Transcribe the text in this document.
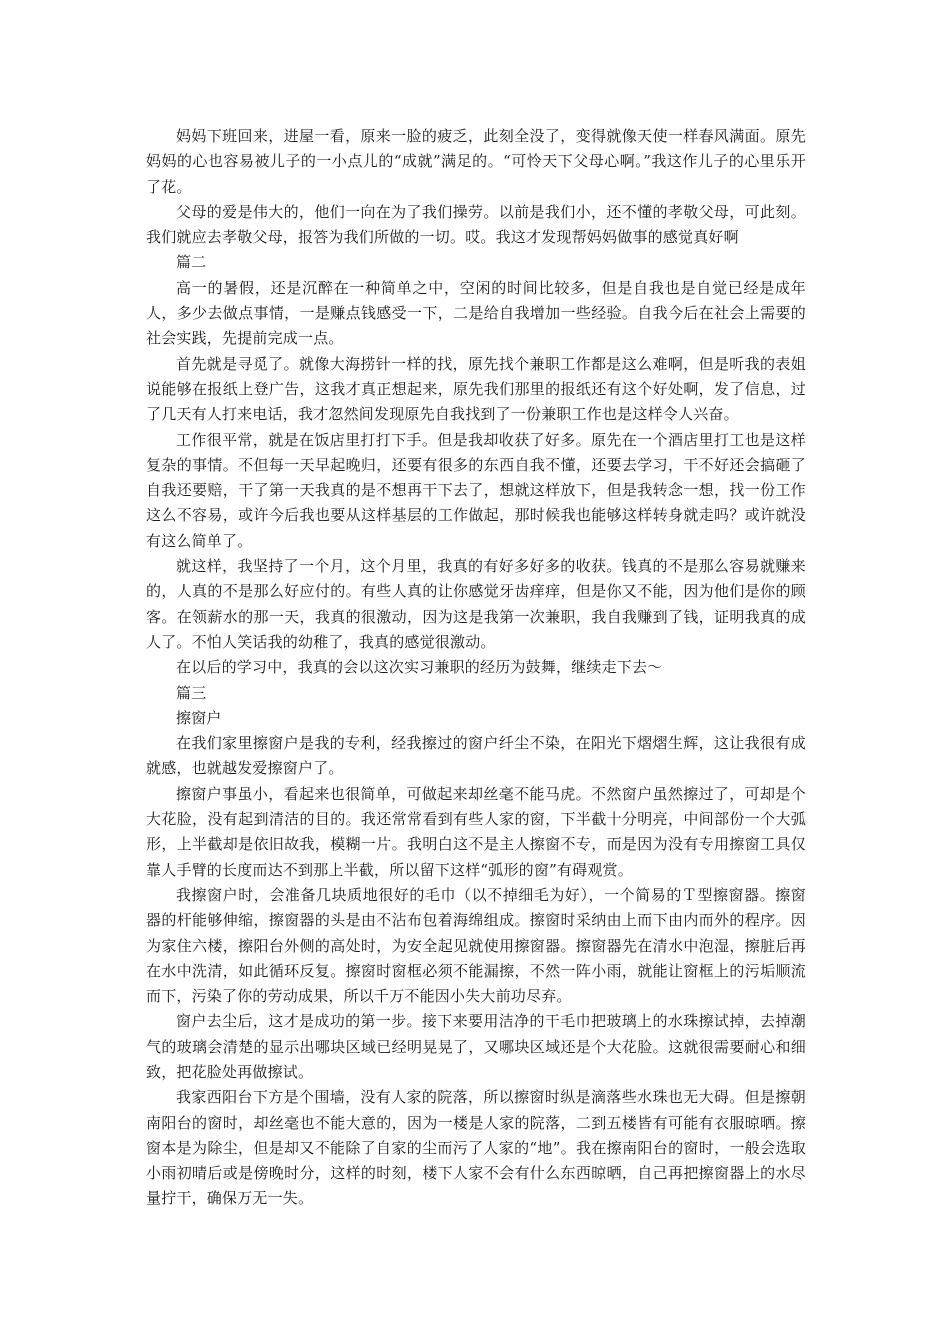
妈妈下班回来，进屋一看，原来一脸的疲乏，此刻全没了，变得就像天使一样春风满面。原先妈妈的心也容易被儿子的一小点儿的“成就”满足的。“可怜天下父母心啊。”我这作儿子的心里乐开了花。

父母的爱是伟大的，他们一向在为了我们操劳。以前是我们小，还不懂的孝敬父母，可此刻。我们就应去孝敬父母，报答为我们所做的一切。哎。我这才发现帮妈妈做事的感觉真好啊

篇二

高一的暑假，还是沉醉在一种简单之中，空闲的时间比较多，但是自我也是自觉已经是成年人，多少去做点事情，一是赚点钱感受一下，二是给自我增加一些经验。自我今后在社会上需要的社会实践，先提前完成一点。

首先就是寻觅了。就像大海捞针一样的找，原先找个兼职工作都是这么难啊，但是听我的表姐说能够在报纸上登广告，这我才真正想起来，原先我们那里的报纸还有这个好处啊，发了信息，过了几天有人打来电话，我才忽然间发现原先自我找到了一份兼职工作也是这样令人兴奋。

工作很平常，就是在饭店里打打下手。但是我却收获了好多。原先在一个酒店里打工也是这样复杂的事情。不但每一天早起晚归，还要有很多的东西自我不懂，还要去学习，干不好还会搞砸了自我还要赔，干了第一天我真的是不想再干下去了，想就这样放下，但是我转念一想，找一份工作这么不容易，或许今后我也要从这样基层的工作做起，那时候我也能够这样转身就走吗？或许就没有这么简单了。

就这样，我坚持了一个月，这个月里，我真的有好多好多的收获。钱真的不是那么容易就赚来的，人真的不是那么好应付的。有些人真的让你感觉牙齿痒痒，但是你又不能，因为他们是你的顾客。在领薪水的那一天，我真的很激动，因为这是我第一次兼职，我自我赚到了钱，证明我真的成人了。不怕人笑话我的幼稚了，我真的感觉很激动。

在以后的学习中，我真的会以这次实习兼职的经历为鼓舞，继续走下去～

篇三

擦窗户

在我们家里擦窗户是我的专利，经我擦过的窗户纤尘不染，在阳光下熠熠生辉，这让我很有成就感，也就越发爱擦窗户了。

擦窗户事虽小，看起来也很简单，可做起来却丝毫不能马虎。不然窗户虽然擦过了，可却是个大花脸，没有起到清洁的目的。我还常常看到有些人家的窗，下半截十分明亮，中间部份一个大弧形，上半截却是依旧故我，模糊一片。我明白这不是主人擦窗不专，而是因为没有专用擦窗工具仅靠人手臂的长度而达不到那上半截，所以留下这样“弧形的窗”有碍观赏。

我擦窗户时，会准备几块质地很好的毛巾（以不掉细毛为好），一个简易的Ｔ型擦窗器。擦窗器的杆能够伸缩，擦窗器的头是由不沾布包着海绵组成。擦窗时采纳由上而下由内而外的程序。因为家住六楼，擦阳台外侧的高处时，为安全起见就使用擦窗器。擦窗器先在清水中泡湿，擦脏后再在水中洗清，如此循环反复。擦窗时窗框必须不能漏擦，不然一阵小雨，就能让窗框上的污垢顺流而下，污染了你的劳动成果，所以千万不能因小失大前功尽弃。

窗户去尘后，这才是成功的第一步。接下来要用洁净的干毛巾把玻璃上的水珠擦试掉，去掉潮气的玻璃会清楚的显示出哪块区域已经明晃晃了，又哪块区域还是个大花脸。这就很需要耐心和细致，把花脸处再做擦试。

我家西阳台下方是个围墙，没有人家的院落，所以擦窗时纵是滴落些水珠也无大碍。但是擦朝南阳台的窗时，却丝毫也不能大意的，因为一楼是人家的院落，二到五楼皆有可能有衣服晾晒。擦窗本是为除尘，但是却又不能除了自家的尘而污了人家的“地”。我在擦南阳台的窗时，一般会选取小雨初晴后或是傍晚时分，这样的时刻，楼下人家不会有什么东西晾晒，自己再把擦窗器上的水尽量拧干，确保万无一失。
